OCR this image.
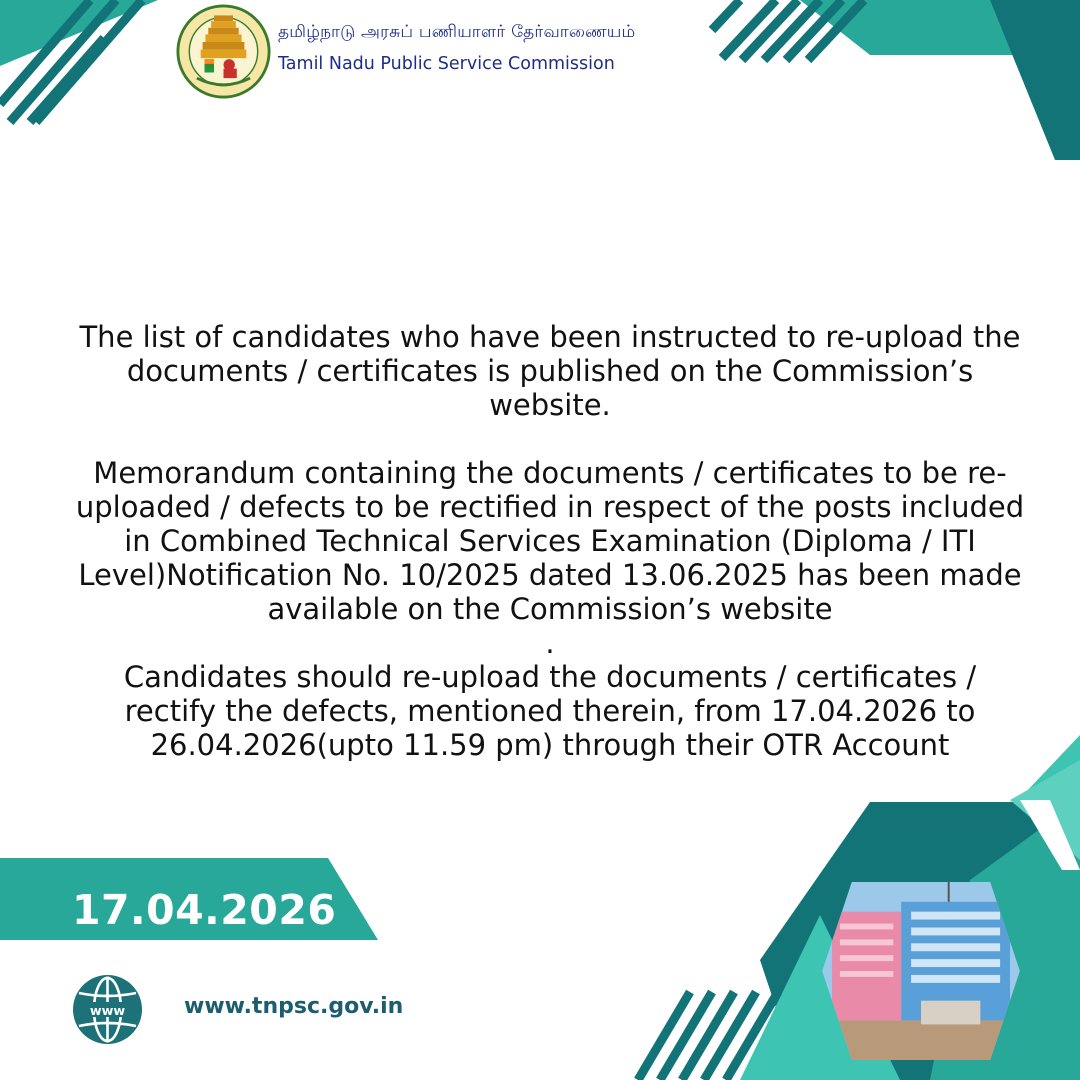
தமிழ்நாடு அரசுப் பணியாளர் தேர்வாணையம்
Tamil Nadu Public Service Commission

The list of candidates who have been instructed to re-upload the
documents / certificates is published on the Commission’s
website.

Memorandum containing the documents / certificates to be re-
uploaded / defects to be rectified in respect of the posts included
in Combined Technical Services Examination (Diploma / ITI
Level)Notification No. 10/2025 dated 13.06.2025 has been made
available on the Commission’s website
.

Candidates should re-upload the documents / certificates /
rectify the defects, mentioned therein, from 17.04.2026 to
26.04.2026(upto 11.59 pm) through their OTR Account

17.04.2026
www	www.tnpsc.gov.in
